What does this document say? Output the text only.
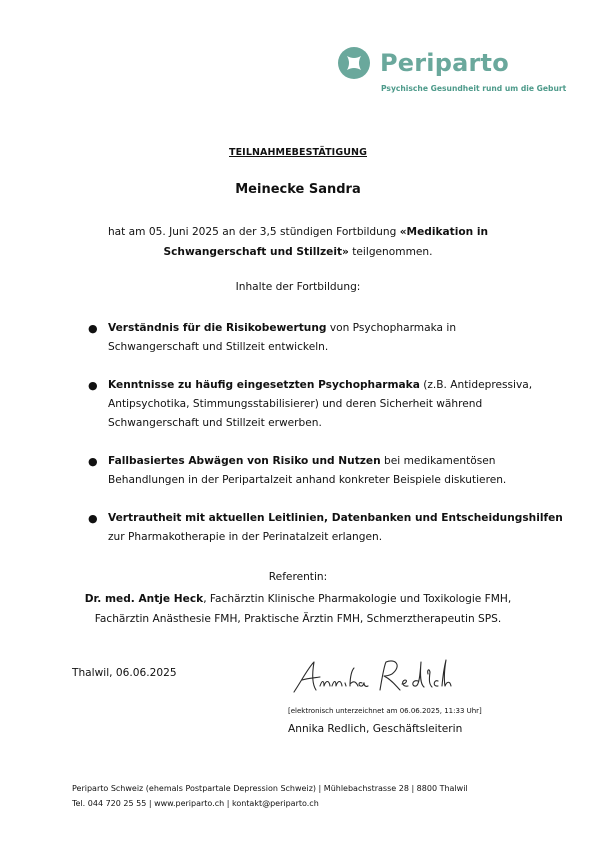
Periparto
Psychische Gesundheit rund um die Geburt
TEILNAHMEBESTÄTIGUNG
Meinecke Sandra
hat am 05. Juni 2025 an der 3,5 stündigen Fortbildung «Medikation in
Schwangerschaft und Stillzeit» teilgenommen.
Inhalte der Fortbildung:
● Verständnis für die Risikobewertung von Psychopharmaka in
Schwangerschaft und Stillzeit entwickeln.
● Kenntnisse zu häufig eingesetzten Psychopharmaka (z.B. Antidepressiva,
Antipsychotika, Stimmungsstabilisierer) und deren Sicherheit während
Schwangerschaft und Stillzeit erwerben.
● Fallbasiertes Abwägen von Risiko und Nutzen bei medikamentösen
Behandlungen in der Peripartalzeit anhand konkreter Beispiele diskutieren.
● Vertrautheit mit aktuellen Leitlinien, Datenbanken und Entscheidungshilfen
zur Pharmakotherapie in der Perinatalzeit erlangen.
Referentin:
Dr. med. Antje Heck, Fachärztin Klinische Pharmakologie und Toxikologie FMH,
Fachärztin Anästhesie FMH, Praktische Ärztin FMH, Schmerztherapeutin SPS.
Thalwil, 06.06.2025
[elektronisch unterzeichnet am 06.06.2025, 11:33 Uhr]
Annika Redlich, Geschäftsleiterin
Periparto Schweiz (ehemals Postpartale Depression Schweiz) | Mühlebachstrasse 28 | 8800 Thalwil
Tel. 044 720 25 55 | www.periparto.ch | kontakt@periparto.ch
